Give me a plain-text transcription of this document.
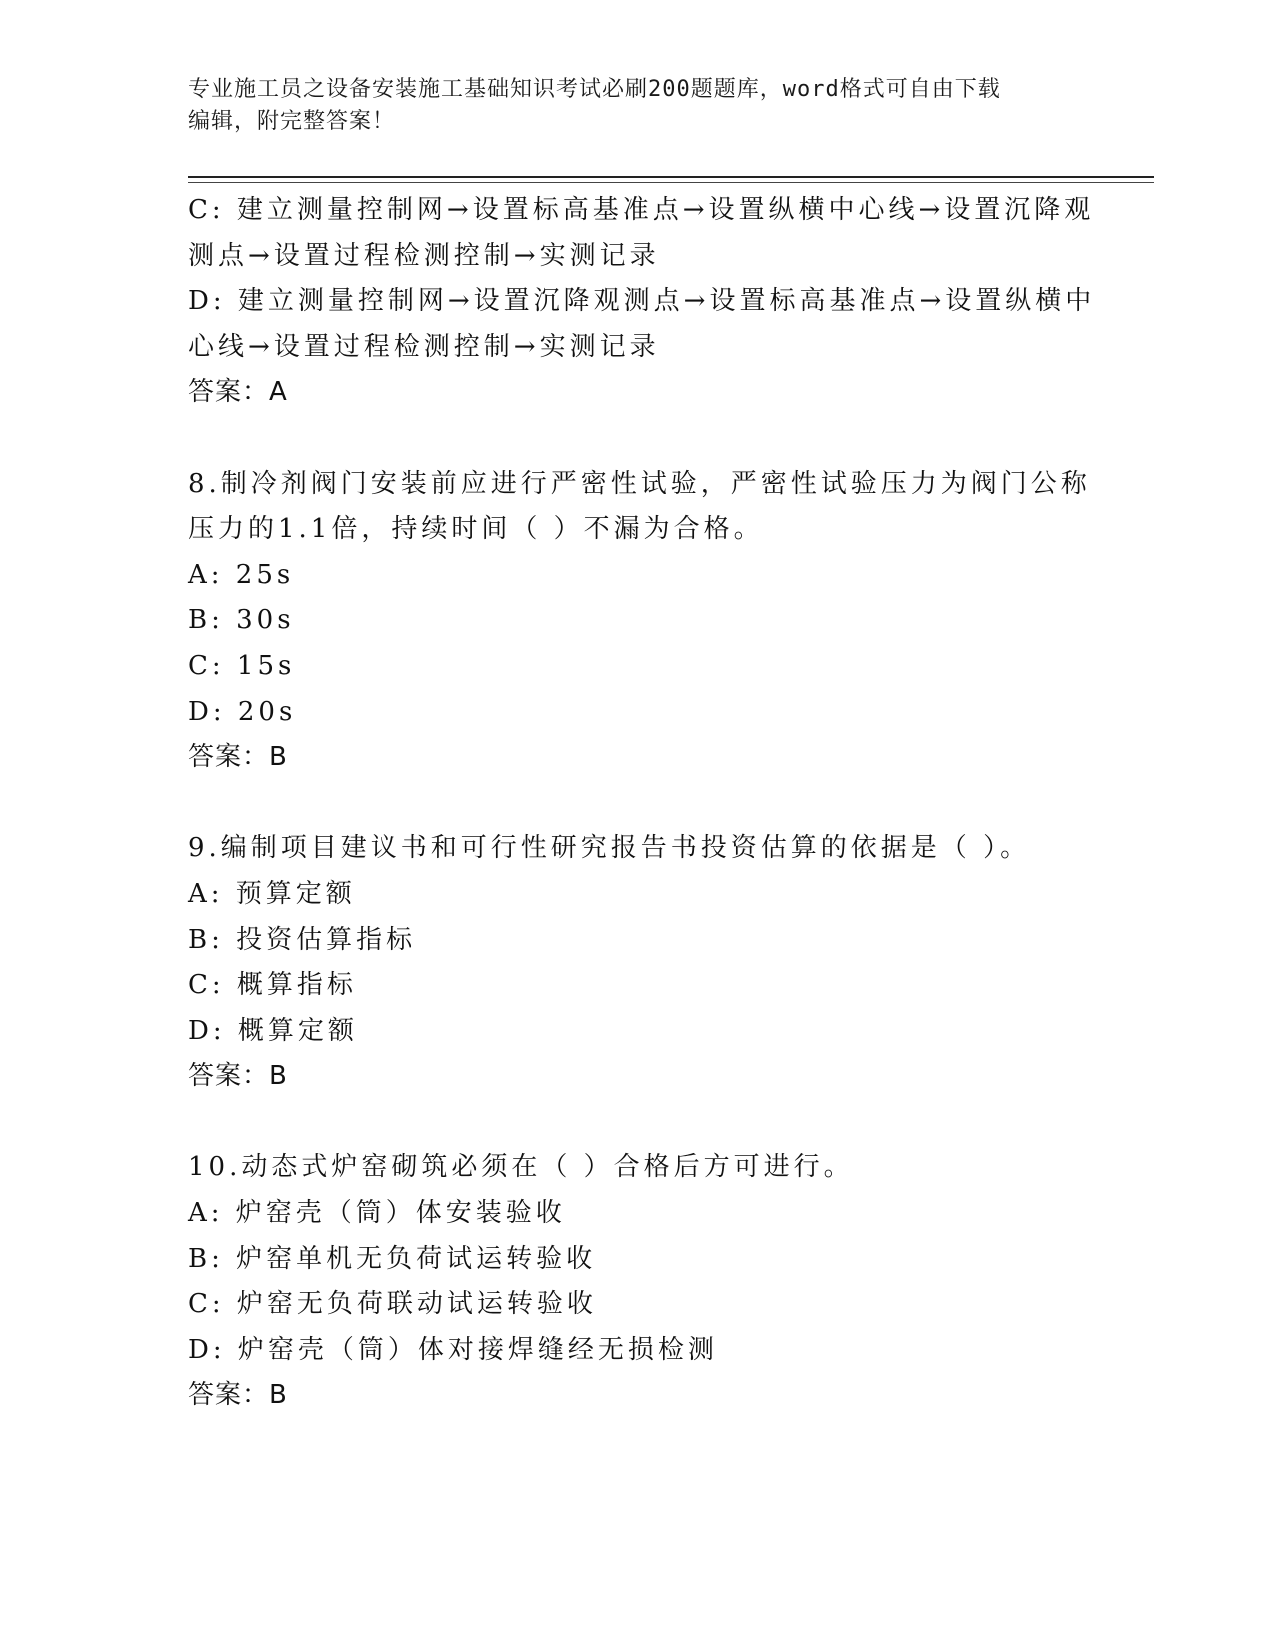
专业施工员之设备安装施工基础知识考试必刷200题题库，word格式可自由下载
编辑，附完整答案！
C: 建立测量控制网→设置标高基准点→设置纵横中心线→设置沉降观
测点→设置过程检测控制→实测记录
D: 建立测量控制网→设置沉降观测点→设置标高基准点→设置纵横中
心线→设置过程检测控制→实测记录
答案：A
8.制冷剂阀门安装前应进行严密性试验，严密性试验压力为阀门公称
压力的1.1倍，持续时间（ ）不漏为合格。
A: 25s
B: 30s
C: 15s
D: 20s
答案：B
9.编制项目建议书和可行性研究报告书投资估算的依据是（ ）。
A: 预算定额
B: 投资估算指标
C: 概算指标
D: 概算定额
答案：B
10.动态式炉窑砌筑必须在（ ）合格后方可进行。
A: 炉窑壳（筒）体安装验收
B: 炉窑单机无负荷试运转验收
C: 炉窑无负荷联动试运转验收
D: 炉窑壳（筒）体对接焊缝经无损检测
答案：B
